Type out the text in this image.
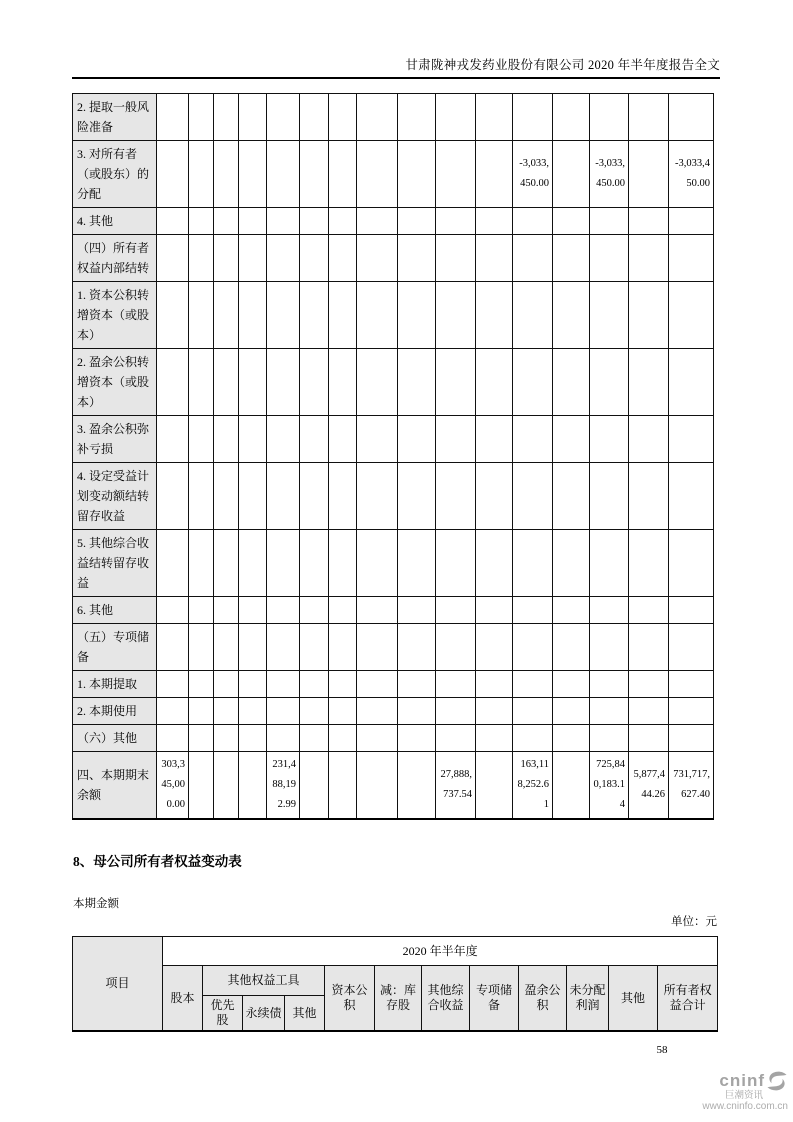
甘肃陇神戎发药业股份有限公司 2020 年半年度报告全文
2. 提取一般风险准备																
3. 对所有者（或股东）的分配												-3,033,450.00		-3,033,450.00		-3,033,450.00
4. 其他																
（四）所有者权益内部结转																
1. 资本公积转增资本（或股本）																
2. 盈余公积转增资本（或股本）																
3. 盈余公积弥补亏损																
4. 设定受益计划变动额结转留存收益																
5. 其他综合收益结转留存收益																
6. 其他																
（五）专项储备																
1. 本期提取																
2. 本期使用																
（六）其他																
四、本期期末余额	303,345,000.00				231,488,192.99					27,888,737.54		163,118,252.61		725,840,183.14	5,877,444.26	731,717,627.40
8、母公司所有者权益变动表
本期金额
单位：元
项目	2020 年半年度											
	股本	其他权益工具			资本公积	减：库存股	其他综合收益	专项储备	盈余公积	未分配利润	其他	所有者权益合计
		优先股	永续债	其他								
58
cninf
巨潮资讯
www.cninfo.com.cn
